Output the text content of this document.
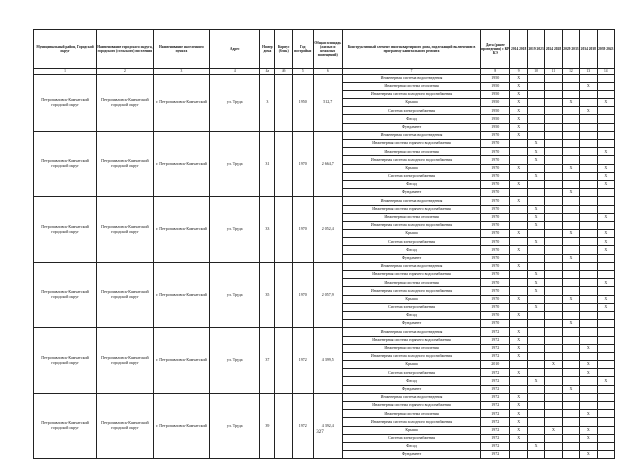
Муниципальный район, Городской округ	Наименование городского округа, городского (сельского) поселения	Наименование населенного пункта	Адрес	Номер дома	Корпус (блок)	Год постройки	Общая площадь (жилых и нежилых помещений)	Конструктивный элемент многоквартирного дома, подлежащий включению в программу капитального ремонта	Дата (ранее проведения) с КР КЭ	2014 2018	2019 2023	2024 2028	2029 2033	2034 2038	2039 2043
1	2	3	4	4а	4б	5	6	7	8	9	10	11	12	13	14
Петропавловск-Камчатский городской округ	Петропавловск-Камчатский городской округ	г. Петропавловск-Камчатский	ул. Труда	3		1950	512,7	Инженерная система водоотведения	1950	X					
								Инженерная система отопления	1950	X				X	
								Инженерная система холодного водоснабжения	1950	X					
								Крыша	1950	X			X		X
								Система электроснабжения	1950	X				X	
								Фасад	1950	X					
								Фундамент	1950	X					
Петропавловск-Камчатский городской округ	Петропавловск-Камчатский городской округ	г. Петропавловск-Камчатский	ул. Труда	31		1970	2 664,7	Инженерная система водоотведения	1970	X					
								Инженерная система горячего водоснабжения	1970		X				
								Инженерная система отопления	1970		X				X
								Инженерная система холодного водоснабжения	1970		X				
								Крыша	1970	X			X		X
								Система электроснабжения	1970		X				X
								Фасад	1970	X					X
								Фундамент	1970				X		
Петропавловск-Камчатский городской округ	Петропавловск-Камчатский городской округ	г. Петропавловск-Камчатский	ул. Труда	33		1970	2 052,4	Инженерная система водоотведения	1970	X					
								Инженерная система горячего водоснабжения	1970		X				
								Инженерная система отопления	1970		X				X
								Инженерная система холодного водоснабжения	1970		X				
								Крыша	1970	X			X		X
								Система электроснабжения	1970		X				X
								Фасад	1970	X					X
								Фундамент	1970				X		
Петропавловск-Камчатский городской округ	Петропавловск-Камчатский городской округ	г. Петропавловск-Камчатский	ул. Труда	35		1970	2 057,9	Инженерная система водоотведения	1970	X					
								Инженерная система горячего водоснабжения	1970		X				
								Инженерная система отопления	1970		X				X
								Инженерная система холодного водоснабжения	1970		X				
								Крыша	1970	X			X		X
								Система электроснабжения	1970		X				X
								Фасад	1970	X					
								Фундамент	1970				X		
Петропавловск-Камчатский городской округ	Петропавловск-Камчатский городской округ	г. Петропавловск-Камчатский	ул. Труда	37		1972	4 399,5	Инженерная система водоотведения	1972	X					
								Инженерная система горячего водоснабжения	1972	X					
								Инженерная система отопления	1972	X				X	
								Инженерная система холодного водоснабжения	1972	X					
								Крыша	2010			X		X	
								Система электроснабжения	1972	X				X	
								Фасад	1972		X				X
								Фундамент	1972				X		
Петропавловск-Камчатский городской округ	Петропавловск-Камчатский городской округ	г. Петропавловск-Камчатский	ул. Труда	39		1972	4 392,4	Инженерная система водоотведения	1972	X					
								Инженерная система горячего водоснабжения	1972	X					
								Инженерная система отопления	1972	X				X	
								Инженерная система холодного водоснабжения	1972	X					
								Крыша	1972	X		X		X	
								Система электроснабжения	1972	X				X	
								Фасад	1972		X				
								Фундамент	1972					X	
327
